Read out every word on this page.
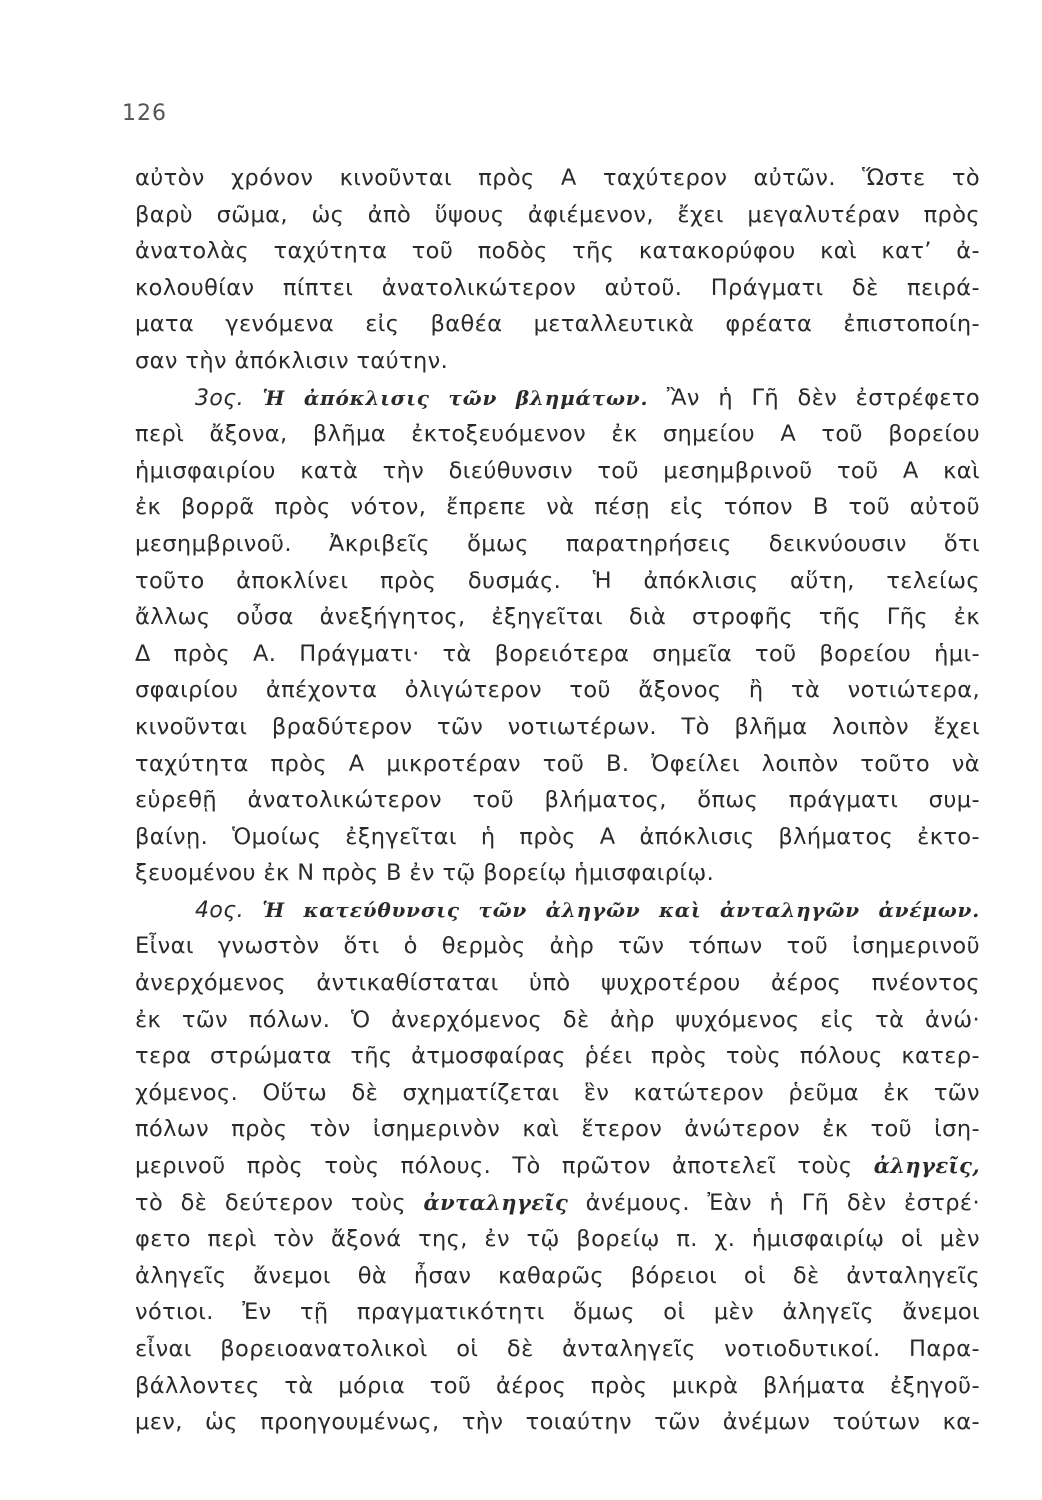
126
αὐτὸν χρόνον κινοῦνται πρὸς Α ταχύτερον αὐτῶν. Ὥστε τὸ
βαρὺ σῶμα, ὡς ἀπὸ ὕψους ἀφιέμενον, ἔχει μεγαλυτέραν πρὸς
ἀνατολὰς ταχύτητα τοῦ ποδὸς τῆς κατακορύφου καὶ κατ’ ἀ-
κολουθίαν πίπτει ἀνατολικώτερον αὐτοῦ. Πράγματι δὲ πειρά-
ματα γενόμενα εἰς βαθέα μεταλλευτικὰ φρέατα ἐπιστοποίη-
σαν τὴν ἀπόκλισιν ταύτην.
3ος. Ἡ ἀπόκλισις τῶν βλημάτων. Ἂν ἡ Γῆ δὲν ἐστρέφετο
περὶ ἄξονα, βλῆμα ἐκτοξευόμενον ἐκ σημείου Α τοῦ βορείου
ἡμισφαιρίου κατὰ τὴν διεύθυνσιν τοῦ μεσημβρινοῦ τοῦ Α καὶ
ἐκ βορρᾶ πρὸς νότον, ἔπρεπε νὰ πέσῃ εἰς τόπον Β τοῦ αὐτοῦ
μεσημβρινοῦ. Ἀκριβεῖς ὅμως παρατηρήσεις δεικνύουσιν ὅτι
τοῦτο ἀποκλίνει πρὸς δυσμάς. Ἡ ἀπόκλισις αὕτη, τελείως
ἄλλως οὖσα ἀνεξήγητος, ἐξηγεῖται διὰ στροφῆς τῆς Γῆς ἐκ
Δ πρὸς Α. Πράγματι· τὰ βορειότερα σημεῖα τοῦ βορείου ἡμι-
σφαιρίου ἀπέχοντα ὀλιγώτερον τοῦ ἄξονος ἢ τὰ νοτιώτερα,
κινοῦνται βραδύτερον τῶν νοτιωτέρων. Τὸ βλῆμα λοιπὸν ἔχει
ταχύτητα πρὸς Α μικροτέραν τοῦ Β. Ὀφείλει λοιπὸν τοῦτο νὰ
εὑρεθῇ ἀνατολικώτερον τοῦ βλήματος, ὅπως πράγματι συμ-
βαίνῃ. Ὁμοίως ἐξηγεῖται ἡ πρὸς Α ἀπόκλισις βλήματος ἐκτο-
ξευομένου ἐκ Ν πρὸς Β ἐν τῷ βορείῳ ἡμισφαιρίῳ.
4ος. Ἡ κατεύθυνσις τῶν ἀληγῶν καὶ ἀνταληγῶν ἀνέμων.
Εἶναι γνωστὸν ὅτι ὁ θερμὸς ἀὴρ τῶν τόπων τοῦ ἰσημερινοῦ
ἀνερχόμενος ἀντικαθίσταται ὑπὸ ψυχροτέρου ἀέρος πνέοντος
ἐκ τῶν πόλων. Ὁ ἀνερχόμενος δὲ ἀὴρ ψυχόμενος εἰς τὰ ἀνώ·
τερα στρώματα τῆς ἀτμοσφαίρας ῥέει πρὸς τοὺς πόλους κατερ-
χόμενος. Οὕτω δὲ σχηματίζεται ἓν κατώτερον ῥεῦμα ἐκ τῶν
πόλων πρὸς τὸν ἰσημερινὸν καὶ ἕτερον ἀνώτερον ἐκ τοῦ ἰση-
μερινοῦ πρὸς τοὺς πόλους. Τὸ πρῶτον ἀποτελεῖ τοὺς ἀληγεῖς,
τὸ δὲ δεύτερον τοὺς ἀνταληγεῖς ἀνέμους. Ἐὰν ἡ Γῆ δὲν ἐστρέ·
φετο περὶ τὸν ἄξονά της, ἐν τῷ βορείῳ π. χ. ἡμισφαιρίῳ οἱ μὲν
ἀληγεῖς ἄνεμοι θὰ ἦσαν καθαρῶς βόρειοι οἱ δὲ ἀνταληγεῖς
νότιοι. Ἐν τῇ πραγματικότητι ὅμως οἱ μὲν ἀληγεῖς ἄνεμοι
εἶναι βορειοανατολικοὶ οἱ δὲ ἀνταληγεῖς νοτιοδυτικοί. Παρα-
βάλλοντες τὰ μόρια τοῦ ἀέρος πρὸς μικρὰ βλήματα ἐξηγοῦ-
μεν, ὡς προηγουμένως, τὴν τοιαύτην τῶν ἀνέμων τούτων κα-
